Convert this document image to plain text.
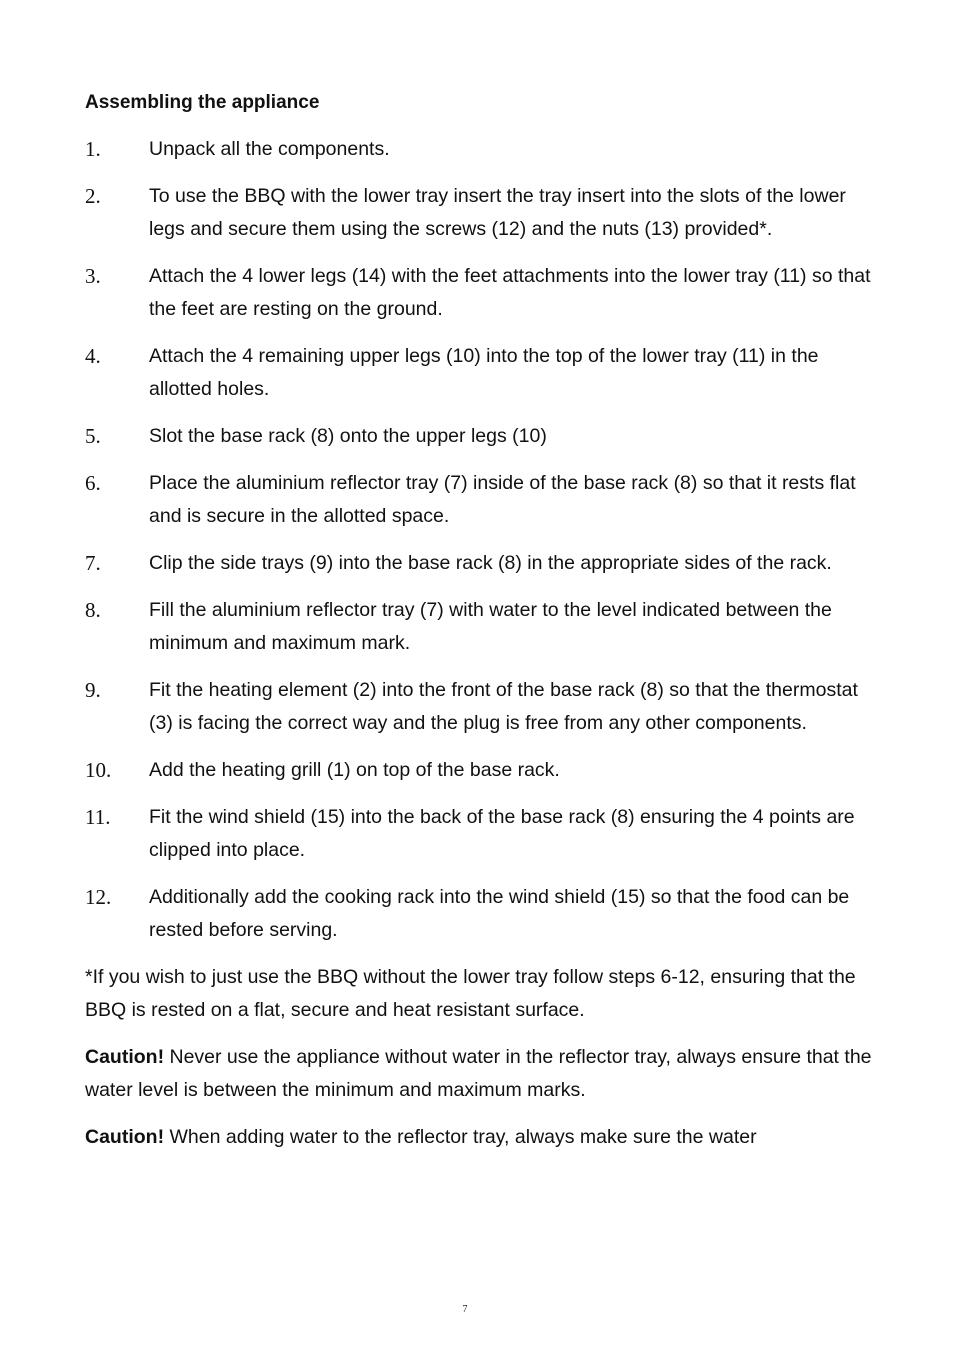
Assembling the appliance
1.	Unpack all the components.
2.	To use the BBQ with the lower tray insert the tray insert into the slots of the lower legs and secure them using the screws (12) and the nuts (13) provided*.
3.	Attach the 4 lower legs (14) with the feet attachments into the lower tray (11) so that the feet are resting on the ground.
4.	Attach the 4 remaining upper legs (10) into the top of the lower tray (11) in the allotted holes.
5.	Slot the base rack (8) onto the upper legs (10)
6.	Place the aluminium reflector tray (7) inside of the base rack (8) so that it rests flat and is secure in the allotted space.
7.	Clip the side trays (9) into the base rack (8) in the appropriate sides of the rack.
8.	Fill the aluminium reflector tray (7) with water to the level indicated between the minimum and maximum mark.
9.	Fit the heating element (2) into the front of the base rack (8) so that the thermostat (3) is facing the correct way and the plug is free from any other components.
10.	Add the heating grill (1) on top of the base rack.
11.	Fit the wind shield (15) into the back of the base rack (8) ensuring the 4 points are clipped into place.
12.	Additionally add the cooking rack into the wind shield (15) so that the food can be rested before serving.

*If you wish to just use the BBQ without the lower tray follow steps 6-12, ensuring that the BBQ is rested on a flat, secure and heat resistant surface.

Caution! Never use the appliance without water in the reflector tray, always ensure that the water level is between the minimum and maximum marks.

Caution! When adding water to the reflector tray, always make sure the water

7
